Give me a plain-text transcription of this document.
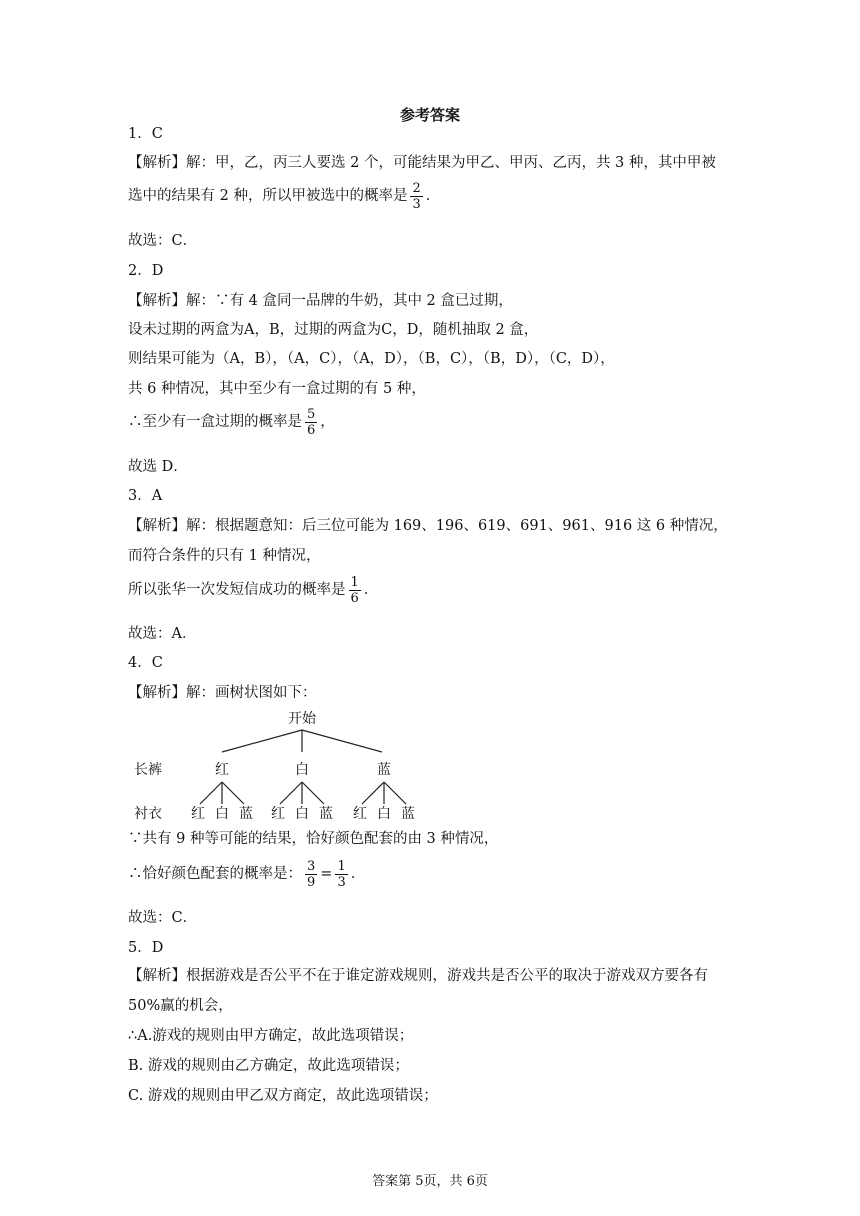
参考答案
1．C
【解析】解：甲，乙，丙三人要选 2 个，可能结果为甲乙、甲丙、乙丙，共 3 种，其中甲被
选中的结果有 2 种，所以甲被选中的概率是 $\frac{2}{3}$ ．
故选：C．
2．D
【解析】解：∵有 4 盒同一品牌的牛奶，其中 2 盒已过期，
设未过期的两盒为A，B，过期的两盒为C，D，随机抽取 2 盒，
则结果可能为（A，B），（A，C），（A，D），（B，C），（B，D），（C，D），
共 6 种情况，其中至少有一盒过期的有 5 种，
∴至少有一盒过期的概率是 $\frac{5}{6}$ ，
故选 D．
3．A
【解析】解：根据题意知：后三位可能为 169、196、619、691、961、916 这 6 种情况，
而符合条件的只有 1 种情况，
所以张华一次发短信成功的概率是 $\frac{1}{6}$ ．
故选：A．
4．C
【解析】解：画树状图如下：
开始
长裤	红	白	蓝
衬衣 红 白 蓝 红 白 蓝 红 白 蓝
∵共有 9 种等可能的结果，恰好颜色配套的由 3 种情况，
∴恰好颜色配套的概率是： $\frac{3}{9} = \frac{1}{3}$ ．
故选：C．
5．D
【解析】根据游戏是否公平不在于谁定游戏规则，游戏共是否公平的取决于游戏双方要各有
50%赢的机会，
∴A.游戏的规则由甲方确定，故此选项错误；
B. 游戏的规则由乙方确定，故此选项错误；
C. 游戏的规则由甲乙双方商定，故此选项错误；
答案第 5页，共 6页
